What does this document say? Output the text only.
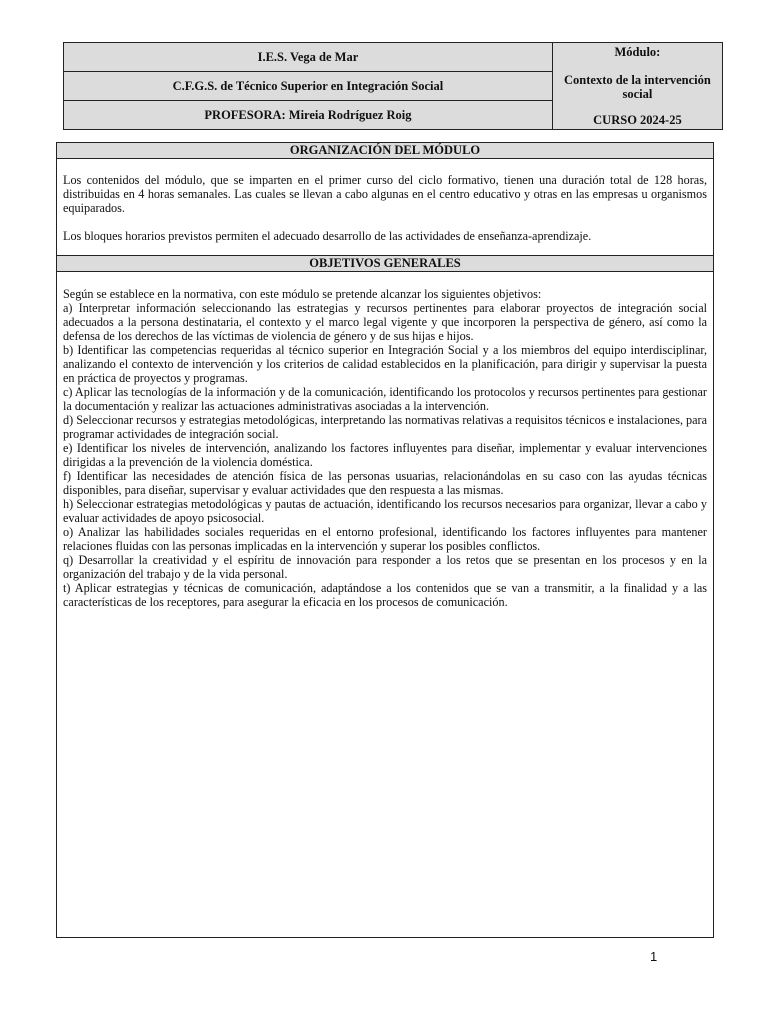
I.E.S. Vega de Mar	Módulo:
Contexto de la intervención social
CURSO 2024-25

C.F.G.S. de Técnico Superior en Integración Social
PROFESORA: Mireia Rodríguez Roig
ORGANIZACIÓN DEL MÓDULO

Los contenidos del módulo, que se imparten en el primer curso del ciclo formativo, tienen una duración total de 128 horas, distribuidas en 4 horas semanales. Las cuales se llevan a cabo algunas en el centro educativo y otras en las empresas u organismos equiparados.

Los bloques horarios previstos permiten el adecuado desarrollo de las actividades de enseñanza-aprendizaje.

OBJETIVOS GENERALES

Según se establece en la normativa, con este módulo se pretende alcanzar los siguientes objetivos:

a) Interpretar información seleccionando las estrategias y recursos pertinentes para elaborar proyectos de integración social adecuados a la persona destinataria, el contexto y el marco legal vigente y que incorporen la perspectiva de género, así como la defensa de los derechos de las víctimas de violencia de género y de sus hijas e hijos.

b) Identificar las competencias requeridas al técnico superior en Integración Social y a los miembros del equipo interdisciplinar, analizando el contexto de intervención y los criterios de calidad establecidos en la planificación, para dirigir y supervisar la puesta en práctica de proyectos y programas.

c) Aplicar las tecnologías de la información y de la comunicación, identificando los protocolos y recursos pertinentes para gestionar la documentación y realizar las actuaciones administrativas asociadas a la intervención.

d) Seleccionar recursos y estrategias metodológicas, interpretando las normativas relativas a requisitos técnicos e instalaciones, para programar actividades de integración social.

e) Identificar los niveles de intervención, analizando los factores influyentes para diseñar, implementar y evaluar intervenciones dirigidas a la prevención de la violencia doméstica.

f) Identificar las necesidades de atención física de las personas usuarias, relacionándolas en su caso con las ayudas técnicas disponibles, para diseñar, supervisar y evaluar actividades que den respuesta a las mismas.

h) Seleccionar estrategias metodológicas y pautas de actuación, identificando los recursos necesarios para organizar, llevar a cabo y evaluar actividades de apoyo psicosocial.

o) Analizar las habilidades sociales requeridas en el entorno profesional, identificando los factores influyentes para mantener relaciones fluidas con las personas implicadas en la intervención y superar los posibles conflictos.

q) Desarrollar la creatividad y el espíritu de innovación para responder a los retos que se presentan en los procesos y en la organización del trabajo y de la vida personal.

t) Aplicar estrategias y técnicas de comunicación, adaptándose a los contenidos que se van a transmitir, a la finalidad y a las características de los receptores, para asegurar la eficacia en los procesos de comunicación.

1
